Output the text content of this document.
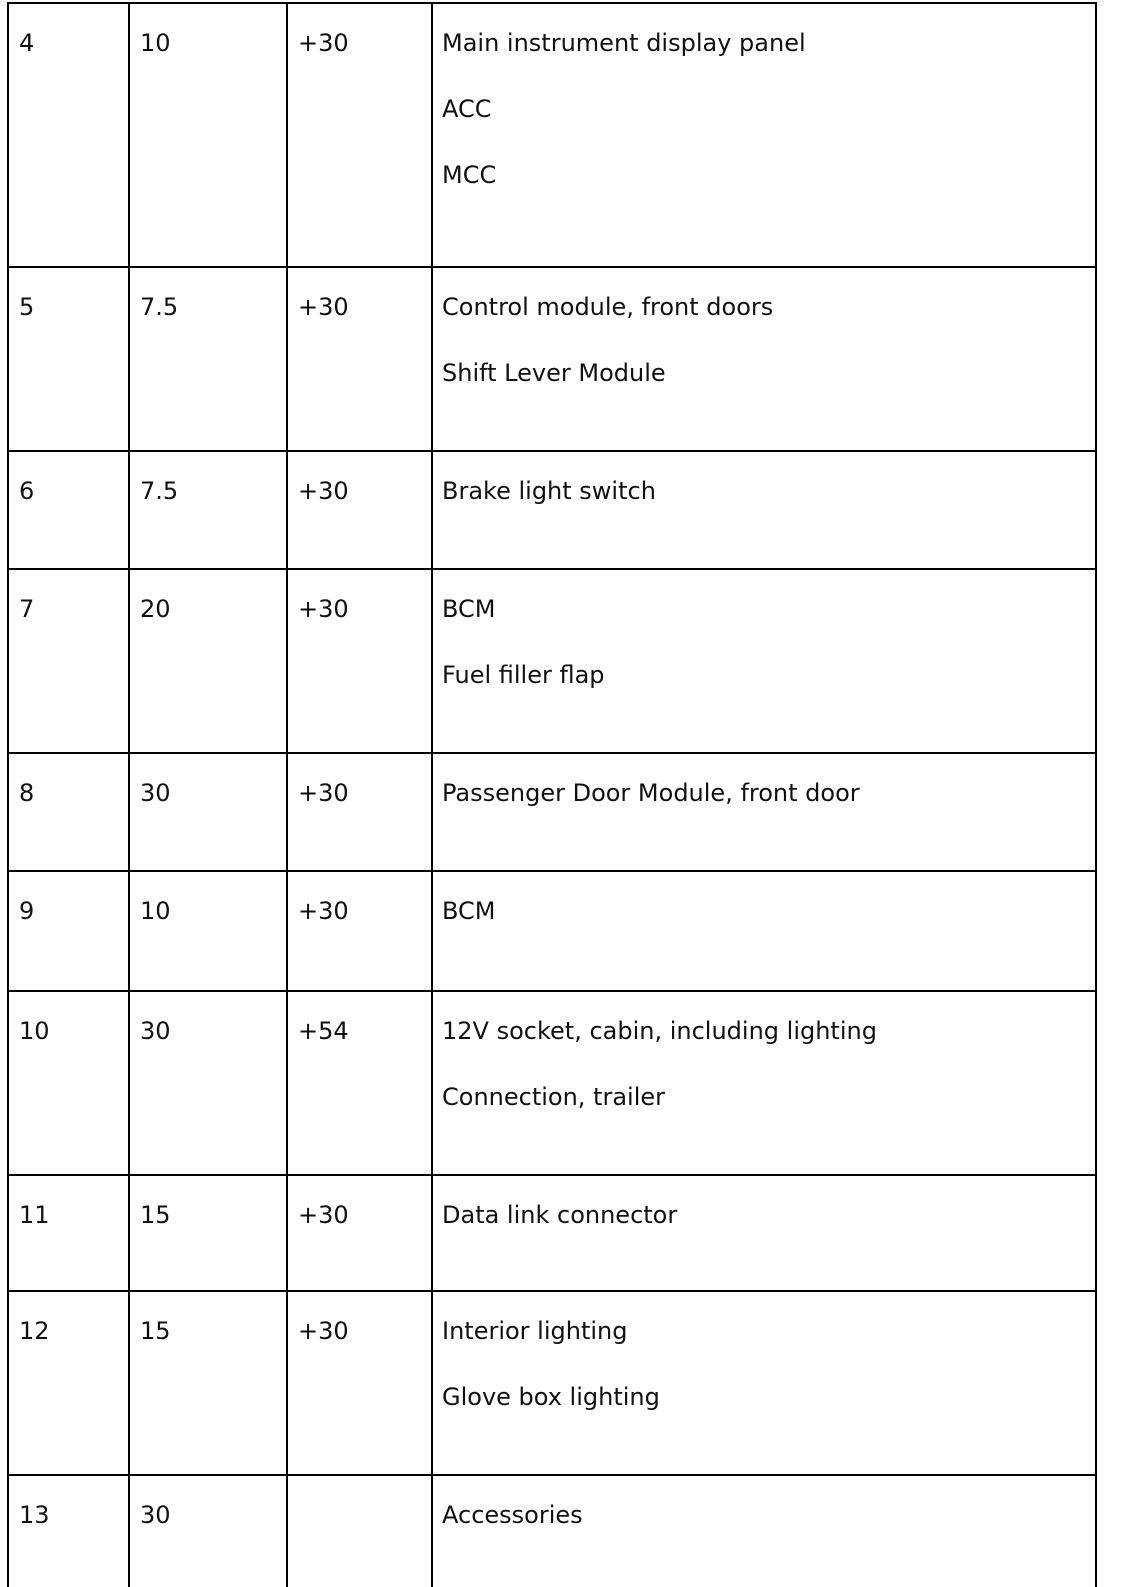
4	10	+30	Main instrument display panel
ACC
MCC

5	7.5	+30	Control module, front doors
Shift Lever Module

6	7.5	+30	Brake light switch

7	20	+30	BCM
Fuel filler flap

8	30	+30	Passenger Door Module, front door

9	10	+30	BCM

10	30	+54	12V socket, cabin, including lighting
Connection, trailer

11	15	+30	Data link connector

12	15	+30	Interior lighting
Glove box lighting

13	30		Accessories
